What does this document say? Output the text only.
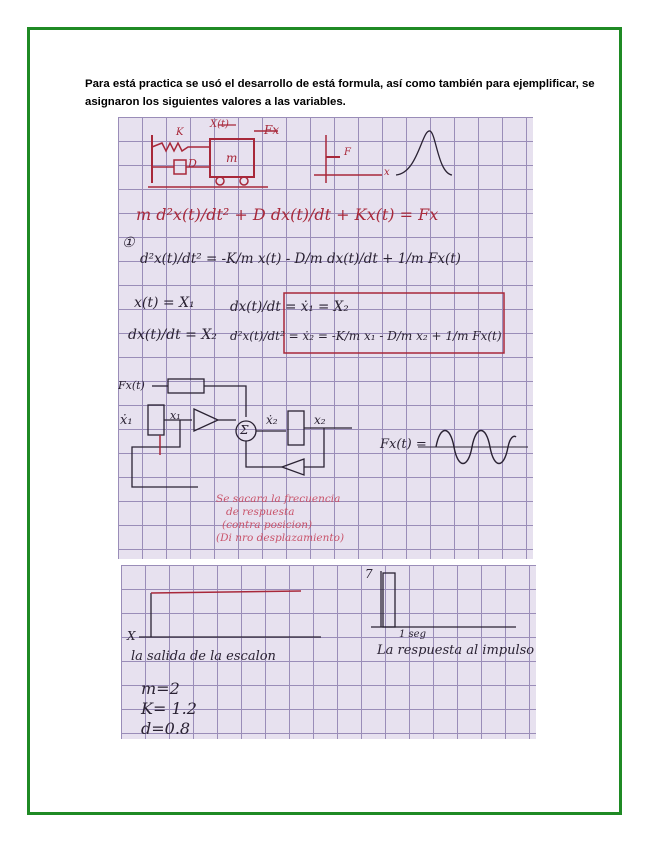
Para está practica se usó el desarrollo de está formula, así como también para ejemplificar, se asignaron los siguientes valores a las variables.
X(t)	Fx
K
D m	F
x
m d²x(t)/dt² + D dx(t)/dt + Kx(t) = Fx
①
d²x(t)/dt² = -K/m x(t) - D/m dx(t)/dt + 1/m Fx(t)
x(t) = X₁
dx(t)/dt = X₂
dx(t)/dt = ẋ₁ = X₂
d²x(t)/dt² = ẋ₂ = -K/m x₁ - D/m x₂ + 1/m Fx(t)
Fx(t)
ẋ₁	x₁
Σ
ẋ₂	x₂
Fx(t) =
Se sacara la frecuencia
de respuesta
(contra posicion)
(Di nro desplazamiento)
X
7
1 seg
la salida de la escalon	La respuesta al impulso
m=2
K= 1.2
d=0.8
